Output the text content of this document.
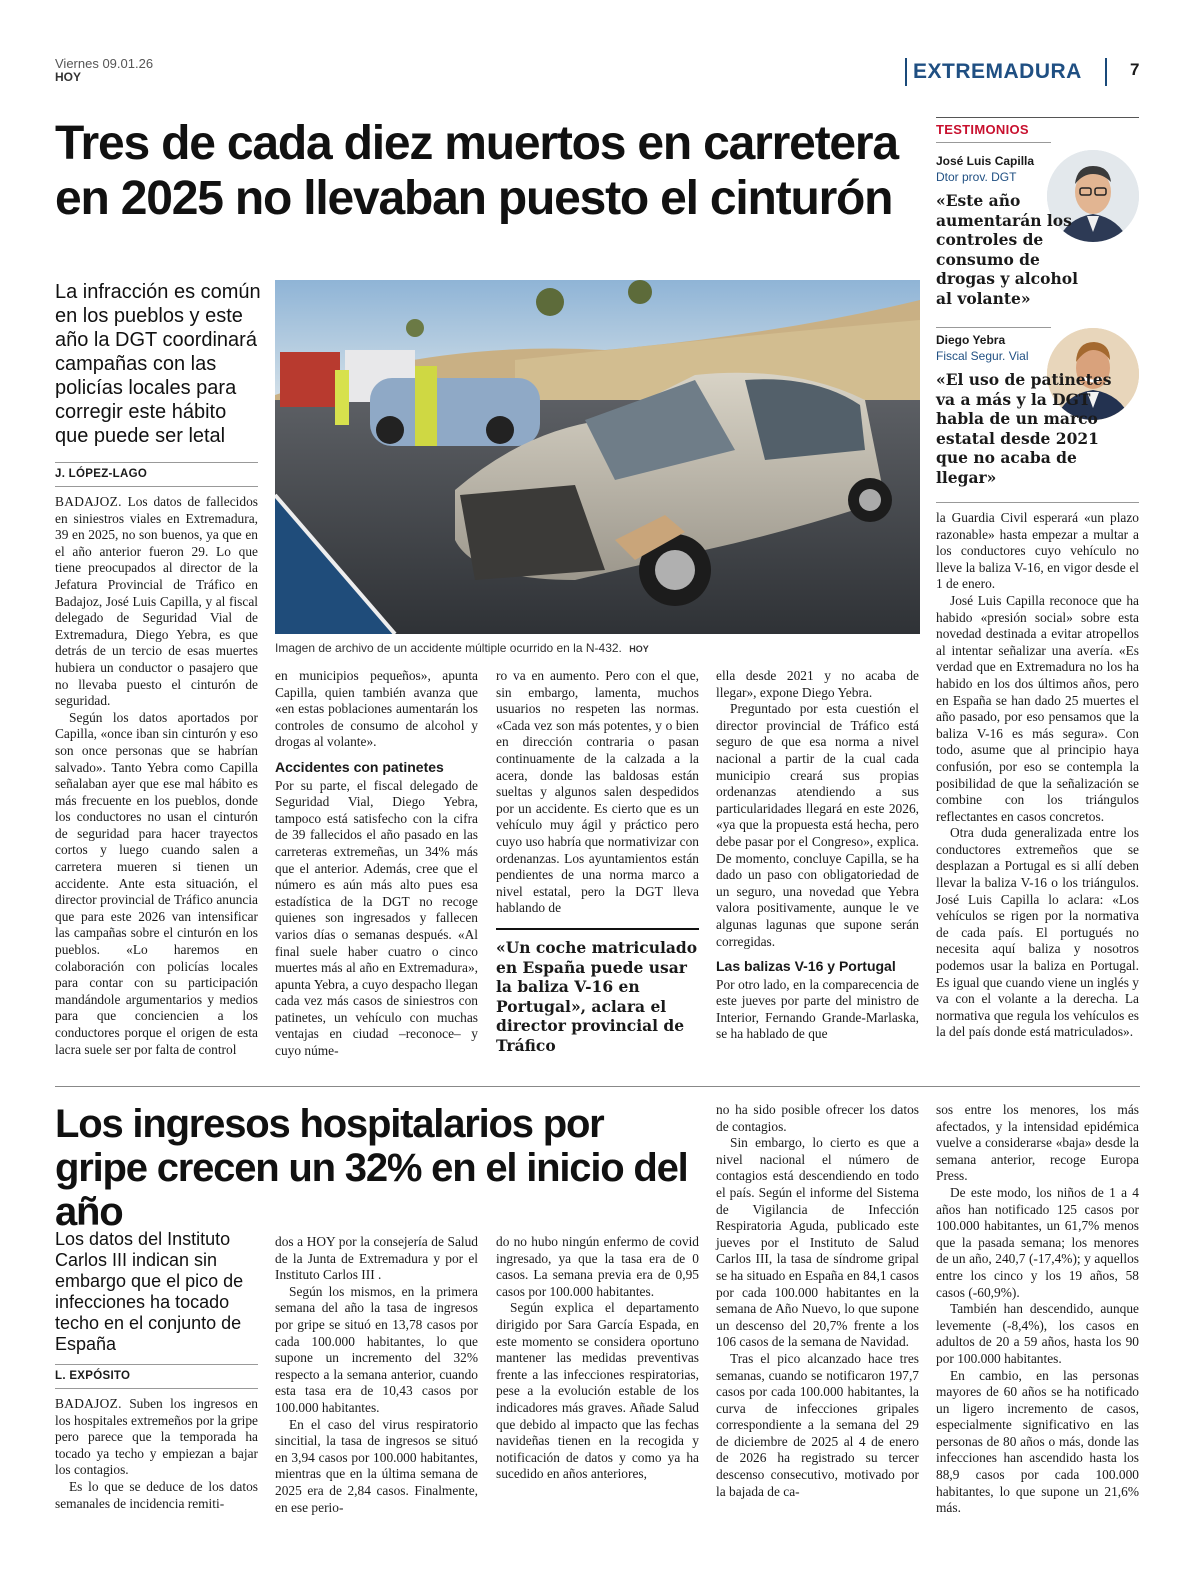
Viernes 09.01.26
HOY	EXTREMADURA	7
Tres de cada diez muertos en carretera en 2025 no llevaban puesto el cinturón
La infracción es común en los pueblos y este año la DGT coordinará campañas con las policías locales para corregir este hábito que puede ser letal
J. LÓPEZ-LAGO
Imagen de archivo de un accidente múltiple ocurrido en la N-432. HOY

BADAJOZ. Los datos de fallecidos en siniestros viales en Extremadura, 39 en 2025, no son buenos, ya que en el año anterior fueron 29. Lo que tiene preocupados al director de la Jefatura Provincial de Tráfico en Badajoz, José Luis Capilla, y al fiscal delegado de Seguridad Vial de Extremadura, Diego Yebra, es que detrás de un tercio de esas muertes hubiera un conductor o pasajero que no llevaba puesto el cinturón de seguridad.

Según los datos aportados por Capilla, «once iban sin cinturón y eso son once personas que se habrían salvado». Tanto Yebra como Capilla señalaban ayer que ese mal hábito es más frecuente en los pueblos, donde los conductores no usan el cinturón de seguridad para hacer trayectos cortos y luego cuando salen a carretera mueren si tienen un accidente. Ante esta situación, el director provincial de Tráfico anuncia que para este 2026 van intensificar las campañas sobre el cinturón en los pueblos. «Lo haremos en colaboración con policías locales para contar con su participación mandándole argumentarios y medios para que conciencien a los conductores porque el origen de esta lacra suele ser por falta de control

en municipios pequeños», apunta Capilla, quien también avanza que «en estas poblaciones aumentarán los controles de consumo de alcohol y drogas al volante».

Accidentes con patinetes

Por su parte, el fiscal delegado de Seguridad Vial, Diego Yebra, tampoco está satisfecho con la cifra de 39 fallecidos el año pasado en las carreteras extremeñas, un 34% más que el anterior. Además, cree que el número es aún más alto pues esa estadística de la DGT no recoge quienes son ingresados y fallecen varios días o semanas después. «Al final suele haber cuatro o cinco muertes más al año en Extremadura», apunta Yebra, a cuyo despacho llegan cada vez más casos de siniestros con patinetes, un vehículo con muchas ventajas en ciudad –reconoce– y cuyo núme-

ro va en aumento. Pero con el que, sin embargo, lamenta, muchos usuarios no respeten las normas. «Cada vez son más potentes, y o bien en dirección contraria o pasan continuamente de la calzada a la acera, donde las baldosas están sueltas y algunos salen despedidos por un accidente. Es cierto que es un vehículo muy ágil y práctico pero cuyo uso habría que normativizar con ordenanzas. Los ayuntamientos están pendientes de una norma marco a nivel estatal, pero la DGT lleva hablando de

«Un coche matriculado en España puede usar la baliza V-16 en Portugal», aclara el director provincial de Tráfico

ella desde 2021 y no acaba de llegar», expone Diego Yebra.

Preguntado por esta cuestión el director provincial de Tráfico está seguro de que esa norma a nivel nacional a partir de la cual cada municipio creará sus propias ordenanzas atendiendo a sus particularidades llegará en este 2026, «ya que la propuesta está hecha, pero debe pasar por el Congreso», explica. De momento, concluye Capilla, se ha dado un paso con obligatoriedad de un seguro, una novedad que Yebra valora positivamente, aunque le ve algunas lagunas que supone serán corregidas.

Las balizas V-16 y Portugal

Por otro lado, en la comparecencia de este jueves por parte del ministro de Interior, Fernando Grande-Marlaska, se ha hablado de que

la Guardia Civil esperará «un plazo razonable» hasta empezar a multar a los conductores cuyo vehículo no lleve la baliza V-16, en vigor desde el 1 de enero.

José Luis Capilla reconoce que ha habido «presión social» sobre esta novedad destinada a evitar atropellos al intentar señalizar una avería. «Es verdad que en Extremadura no los ha habido en los dos últimos años, pero en España se han dado 25 muertes el año pasado, por eso pensamos que la baliza V-16 es más segura». Con todo, asume que al principio haya confusión, por eso se contempla la posibilidad de que la señalización se combine con los triángulos reflectantes en casos concretos.

Otra duda generalizada entre los conductores extremeños que se desplazan a Portugal es si allí deben llevar la baliza V-16 o los triángulos. José Luis Capilla lo aclara: «Los vehículos se rigen por la normativa de cada país. El portugués no necesita aquí baliza y nosotros podemos usar la baliza en Portugal. Es igual que cuando viene un inglés y va con el volante a la derecha. La normativa que regula los vehículos es la del país donde está matriculados».

TESTIMONIOS
José Luis Capilla
Dtor prov. DGT
«Este año aumentarán los controles de consumo de drogas y alcohol al volante»
Diego Yebra
Fiscal Segur. Vial
«El uso de patinetes va a más y la DGT habla de un marco estatal desde 2021 que no acaba de llegar»
Los ingresos hospitalarios por gripe crecen un 32% en el inicio del año
Los datos del Instituto Carlos III indican sin embargo que el pico de infecciones ha tocado techo en el conjunto de España
L. EXPÓSITO

BADAJOZ. Suben los ingresos en los hospitales extremeños por la gripe pero parece que la temporada ha tocado ya techo y empiezan a bajar los contagios.

Es lo que se deduce de los datos semanales de incidencia remiti-

dos a HOY por la consejería de Salud de la Junta de Extremadura y por el Instituto Carlos III .

Según los mismos, en la primera semana del año la tasa de ingresos por gripe se situó en 13,78 casos por cada 100.000 habitantes, lo que supone un incremento del 32% respecto a la semana anterior, cuando esta tasa era de 10,43 casos por 100.000 habitantes.

En el caso del virus respiratorio sincitial, la tasa de ingresos se situó en 3,94 casos por 100.000 habitantes, mientras que en la última semana de 2025 era de 2,84 casos. Finalmente, en ese perio-

do no hubo ningún enfermo de covid ingresado, ya que la tasa era de 0 casos. La semana previa era de 0,95 casos por 100.000 habitantes.

Según explica el departamento dirigido por Sara García Espada, en este momento se considera oportuno mantener las medidas preventivas frente a las infecciones respiratorias, pese a la evolución estable de los indicadores más graves. Añade Salud que debido al impacto que las fechas navideñas tienen en la recogida y notificación de datos y como ya ha sucedido en años anteriores,

no ha sido posible ofrecer los datos de contagios.

Sin embargo, lo cierto es que a nivel nacional el número de contagios está descendiendo en todo el país. Según el informe del Sistema de Vigilancia de Infección Respiratoria Aguda, publicado este jueves por el Instituto de Salud Carlos III, la tasa de síndrome gripal se ha situado en España en 84,1 casos por cada 100.000 habitantes en la semana de Año Nuevo, lo que supone un descenso del 20,7% frente a los 106 casos de la semana de Navidad.

Tras el pico alcanzado hace tres semanas, cuando se notificaron 197,7 casos por cada 100.000 habitantes, la curva de infecciones gripales correspondiente a la semana del 29 de diciembre de 2025 al 4 de enero de 2026 ha registrado su tercer descenso consecutivo, motivado por la bajada de ca-

sos entre los menores, los más afectados, y la intensidad epidémica vuelve a considerarse «baja» desde la semana anterior, recoge Europa Press.

De este modo, los niños de 1 a 4 años han notificado 125 casos por 100.000 habitantes, un 61,7% menos que la pasada semana; los menores de un año, 240,7 (-17,4%); y aquellos entre los cinco y los 19 años, 58 casos (-60,9%).

También han descendido, aunque levemente (-8,4%), los casos en adultos de 20 a 59 años, hasta los 90 por 100.000 habitantes.

En cambio, en las personas mayores de 60 años se ha notificado un ligero incremento de casos, especialmente significativo en las personas de 80 años o más, donde las infecciones han ascendido hasta los 88,9 casos por cada 100.000 habitantes, lo que supone un 21,6% más.
